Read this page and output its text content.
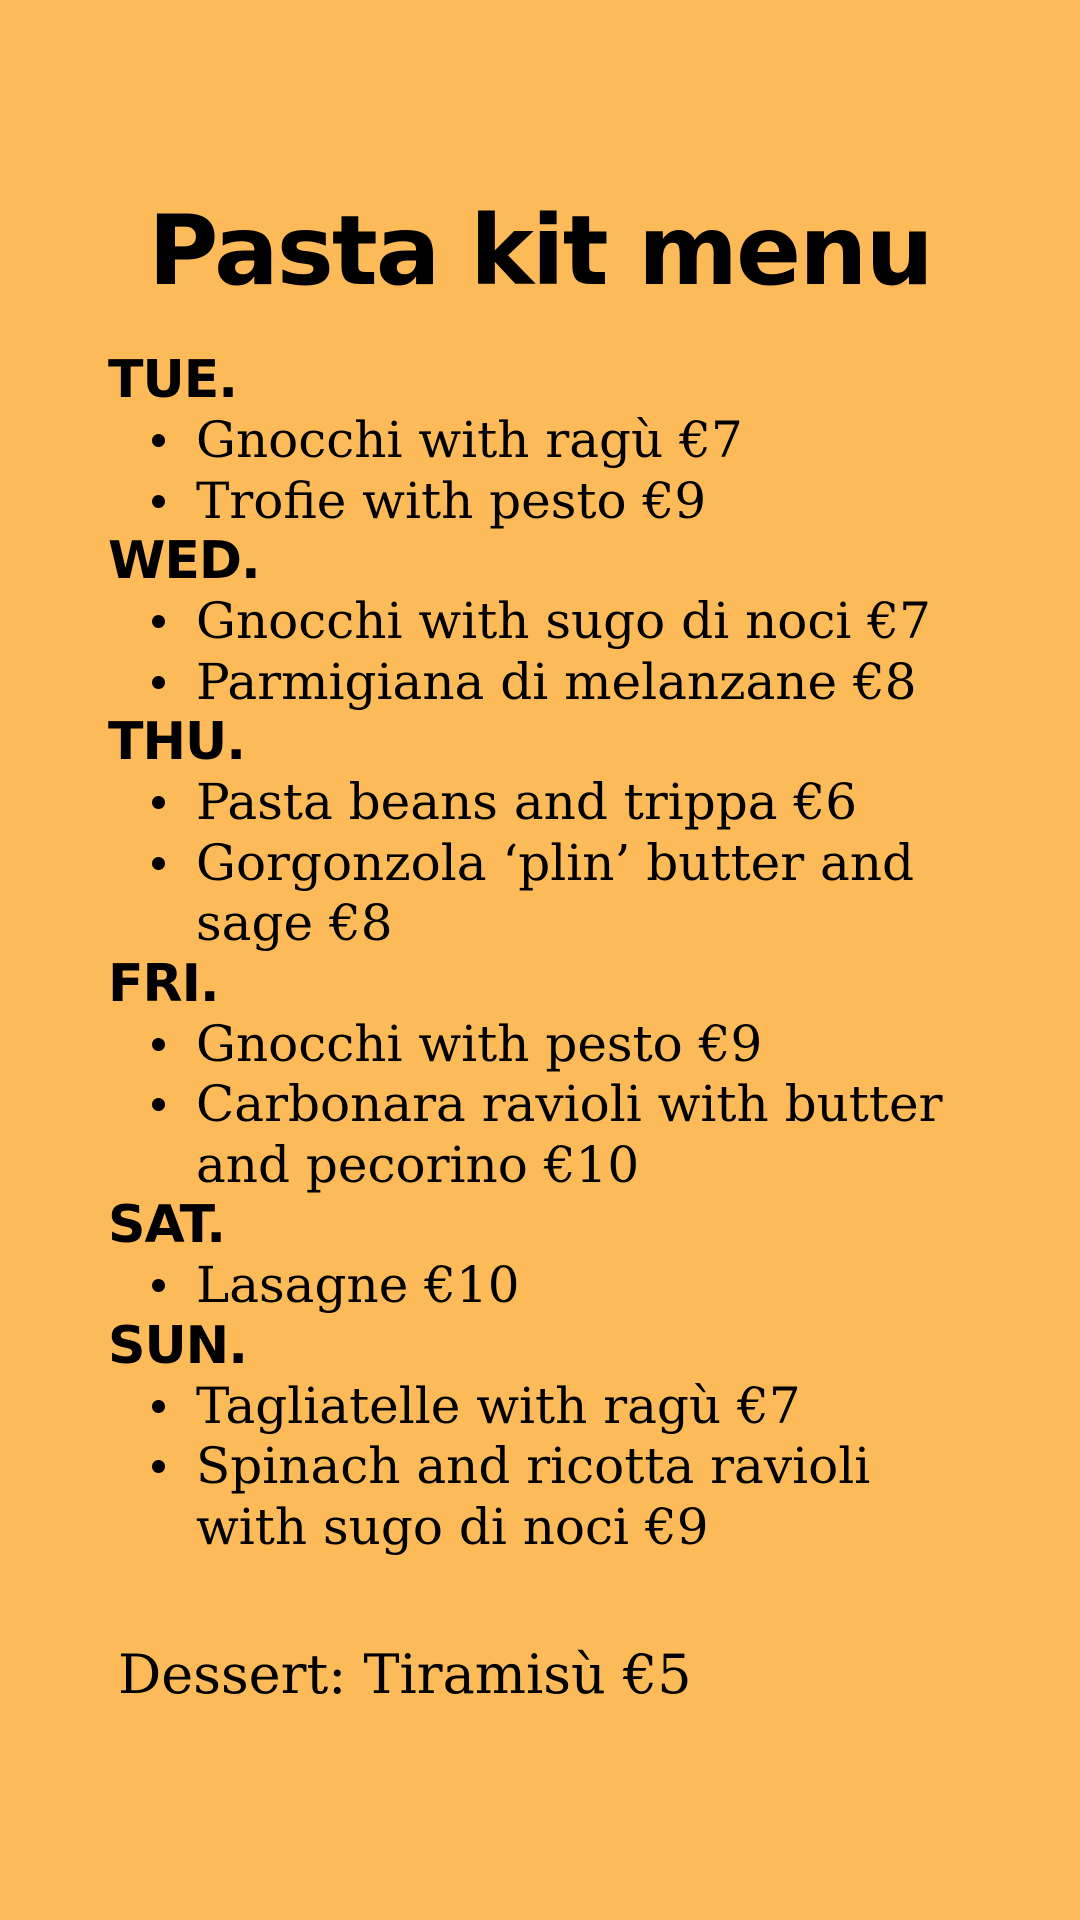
Pasta kit menu
TUE.
Gnocchi with ragù €7
Trofie with pesto €9
WED.
Gnocchi with sugo di noci €7
Parmigiana di melanzane €8
THU.
Pasta beans and trippa €6
Gorgonzola ‘plin’ butter and sage €8
FRI.
Gnocchi with pesto €9
Carbonara ravioli with butter and pecorino €10
SAT.
Lasagne €10
SUN.
Tagliatelle with ragù €7
Spinach and ricotta ravioli with sugo di noci €9

Dessert: Tiramisù €5
